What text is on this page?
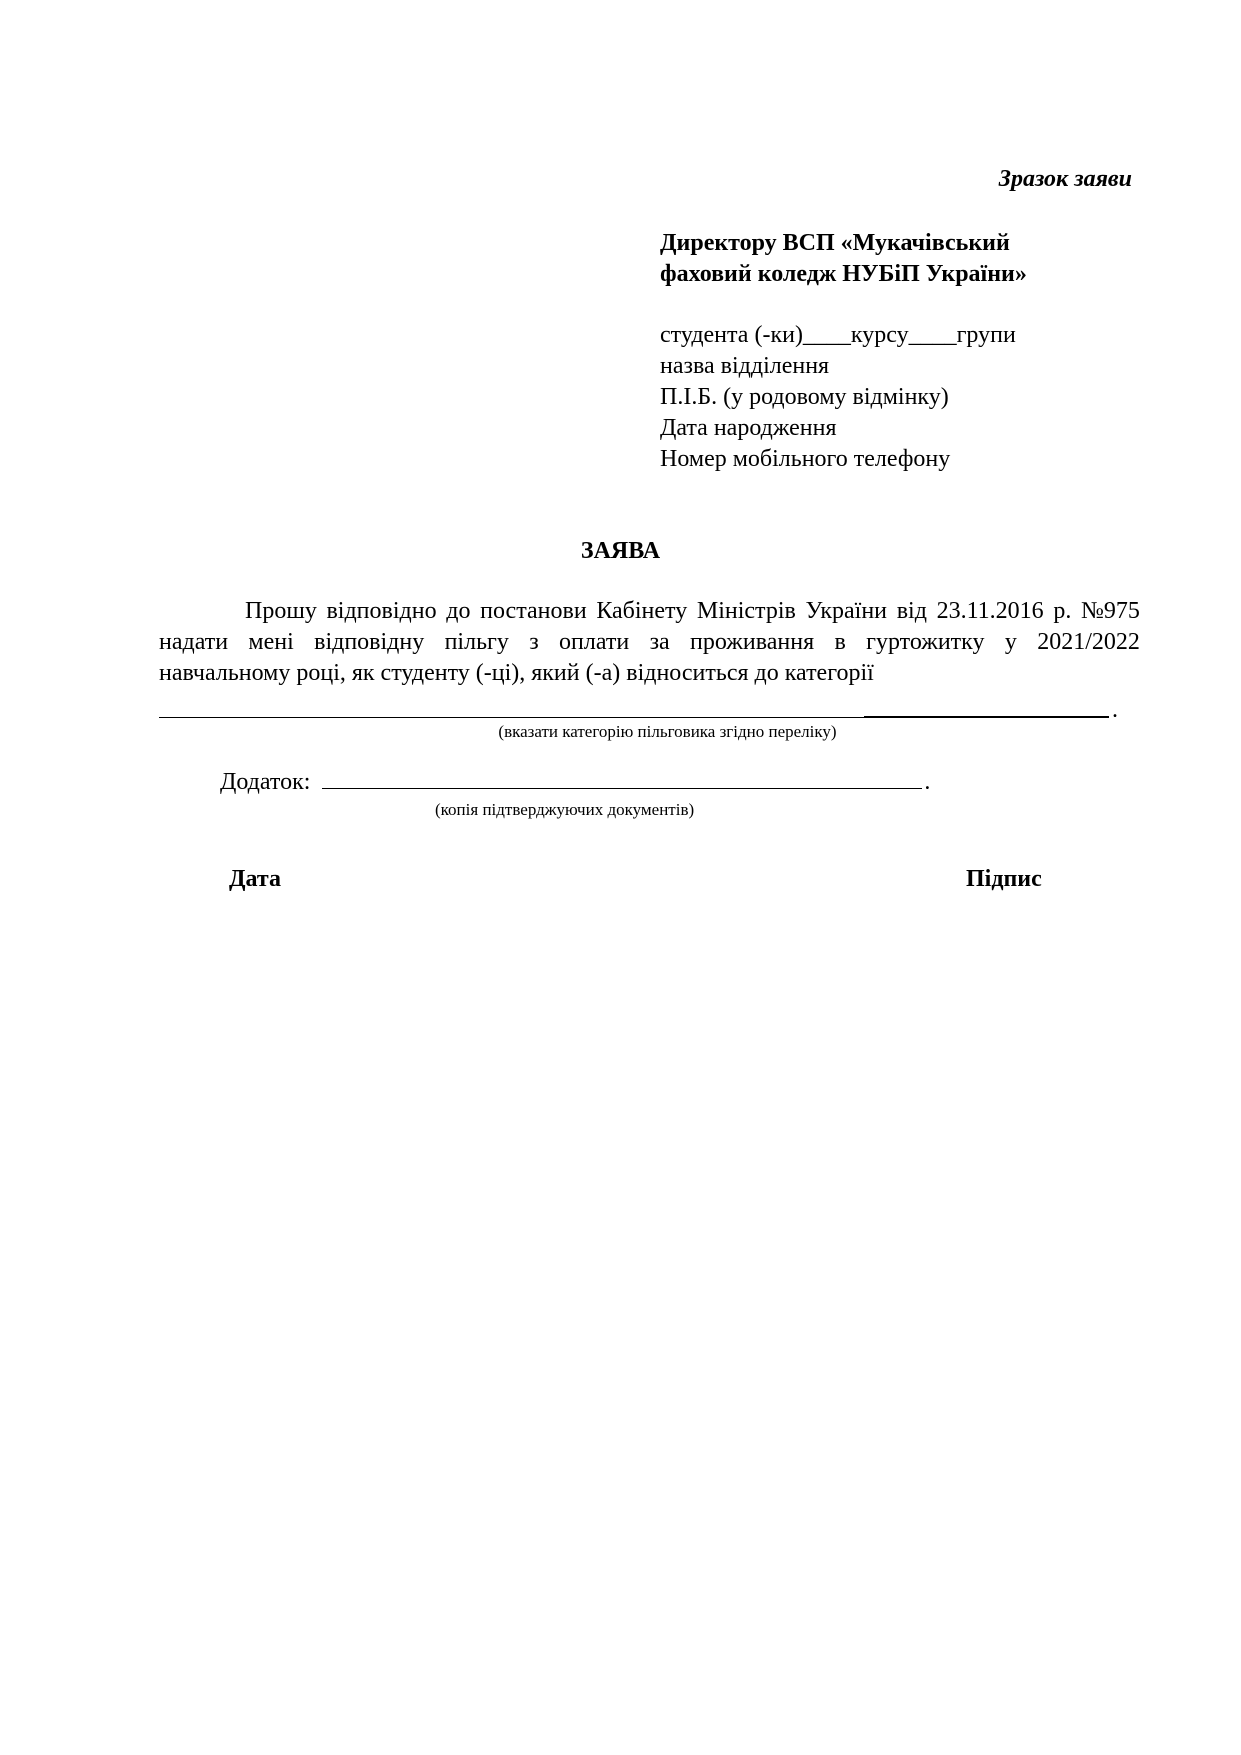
Зразок заяви
Директору ВСП «Мукачівський
фаховий коледж НУБіП України»
студента (-ки)____курсу____групи
назва відділення
П.І.Б. (у родовому відмінку)
Дата народження
Номер мобільного телефону
ЗАЯВА
Прошу відповідно до постанови Кабінету Міністрів України від 23.11.2016 р. №975
надати мені відповідну пільгу з оплати за проживання в гуртожитку у 2021/2022
навчальному році, як студенту (-ці), який (-а) відноситься до категорії
.
(вказати категорію пільговика згідно переліку)
Додаток:	.
(копія підтверджуючих документів)
Дата	Підпис
